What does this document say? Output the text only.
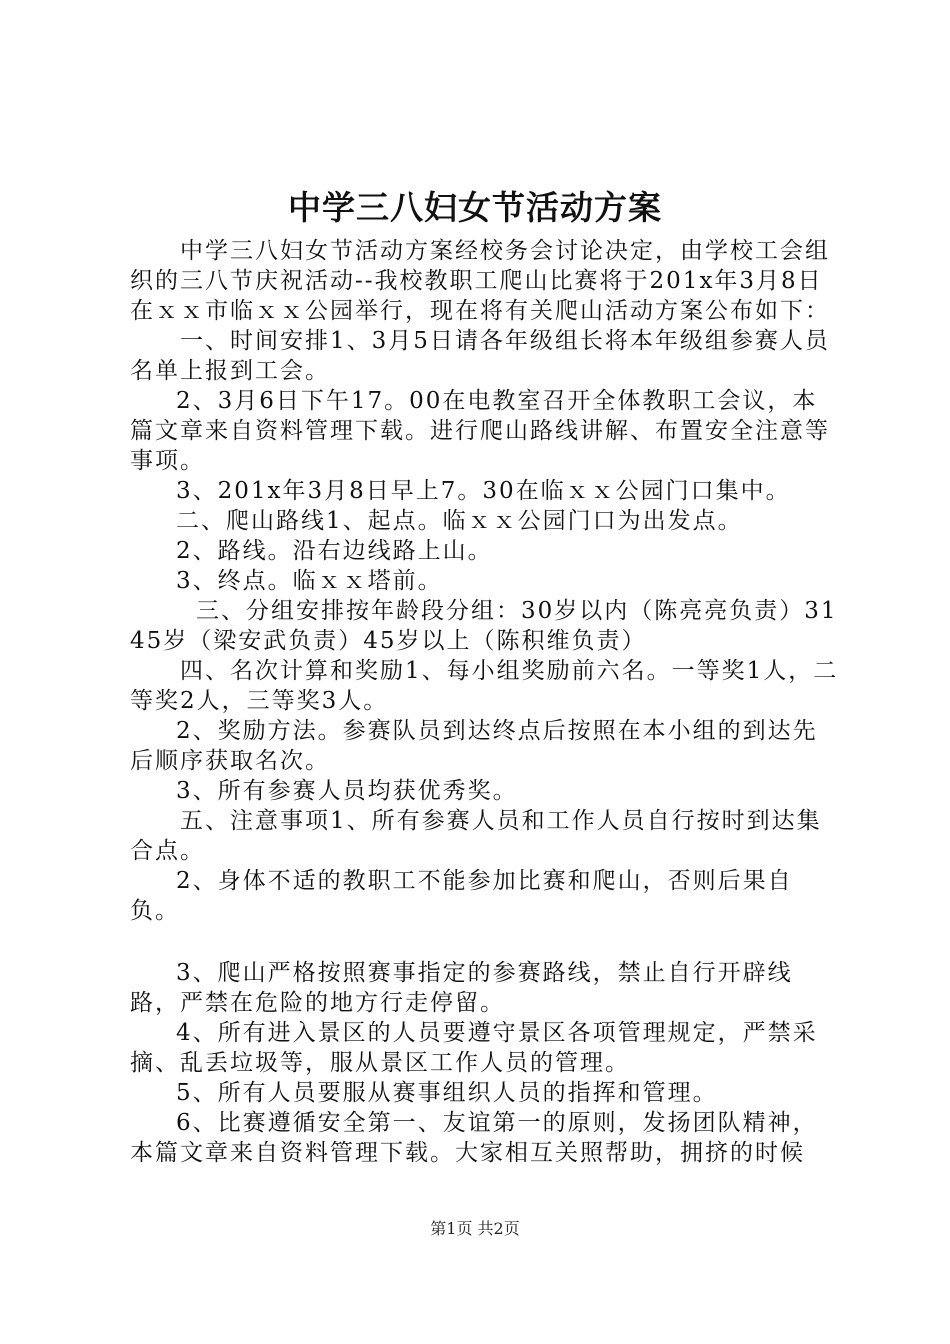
中学三八妇女节活动方案

中学三八妇女节活动方案经校务会讨论决定，由学校工会组织的三八节庆祝活动--我校教职工爬山比赛将于201x年3月8日在ｘｘ市临ｘｘ公园举行，现在将有关爬山活动方案公布如下：

一、时间安排1、3月5日请各年级组长将本年级组参赛人员名单上报到工会。

2、3月6日下午17。00在电教室召开全体教职工会议，本篇文章来自资料管理下载。进行爬山路线讲解、布置安全注意等事项。

3、201x年3月8日早上7。30在临ｘｘ公园门口集中。

二、爬山路线1、起点。临ｘｘ公园门口为出发点。

2、路线。沿右边线路上山。

3、终点。临ｘｘ塔前。

三、分组安排按年龄段分组：30岁以内（陈亮亮负责）3145岁（梁安武负责）45岁以上（陈积维负责）

四、名次计算和奖励1、每小组奖励前六名。一等奖1人，二等奖2人，三等奖3人。

2、奖励方法。参赛队员到达终点后按照在本小组的到达先后顺序获取名次。

3、所有参赛人员均获优秀奖。

五、注意事项1、所有参赛人员和工作人员自行按时到达集合点。

2、身体不适的教职工不能参加比赛和爬山，否则后果自负。

3、爬山严格按照赛事指定的参赛路线，禁止自行开辟线路，严禁在危险的地方行走停留。

4、所有进入景区的人员要遵守景区各项管理规定，严禁采摘、乱丢垃圾等，服从景区工作人员的管理。

5、所有人员要服从赛事组织人员的指挥和管理。

6、比赛遵循安全第一、友谊第一的原则，发扬团队精神，本篇文章来自资料管理下载。大家相互关照帮助，拥挤的时候

第1页 共2页
